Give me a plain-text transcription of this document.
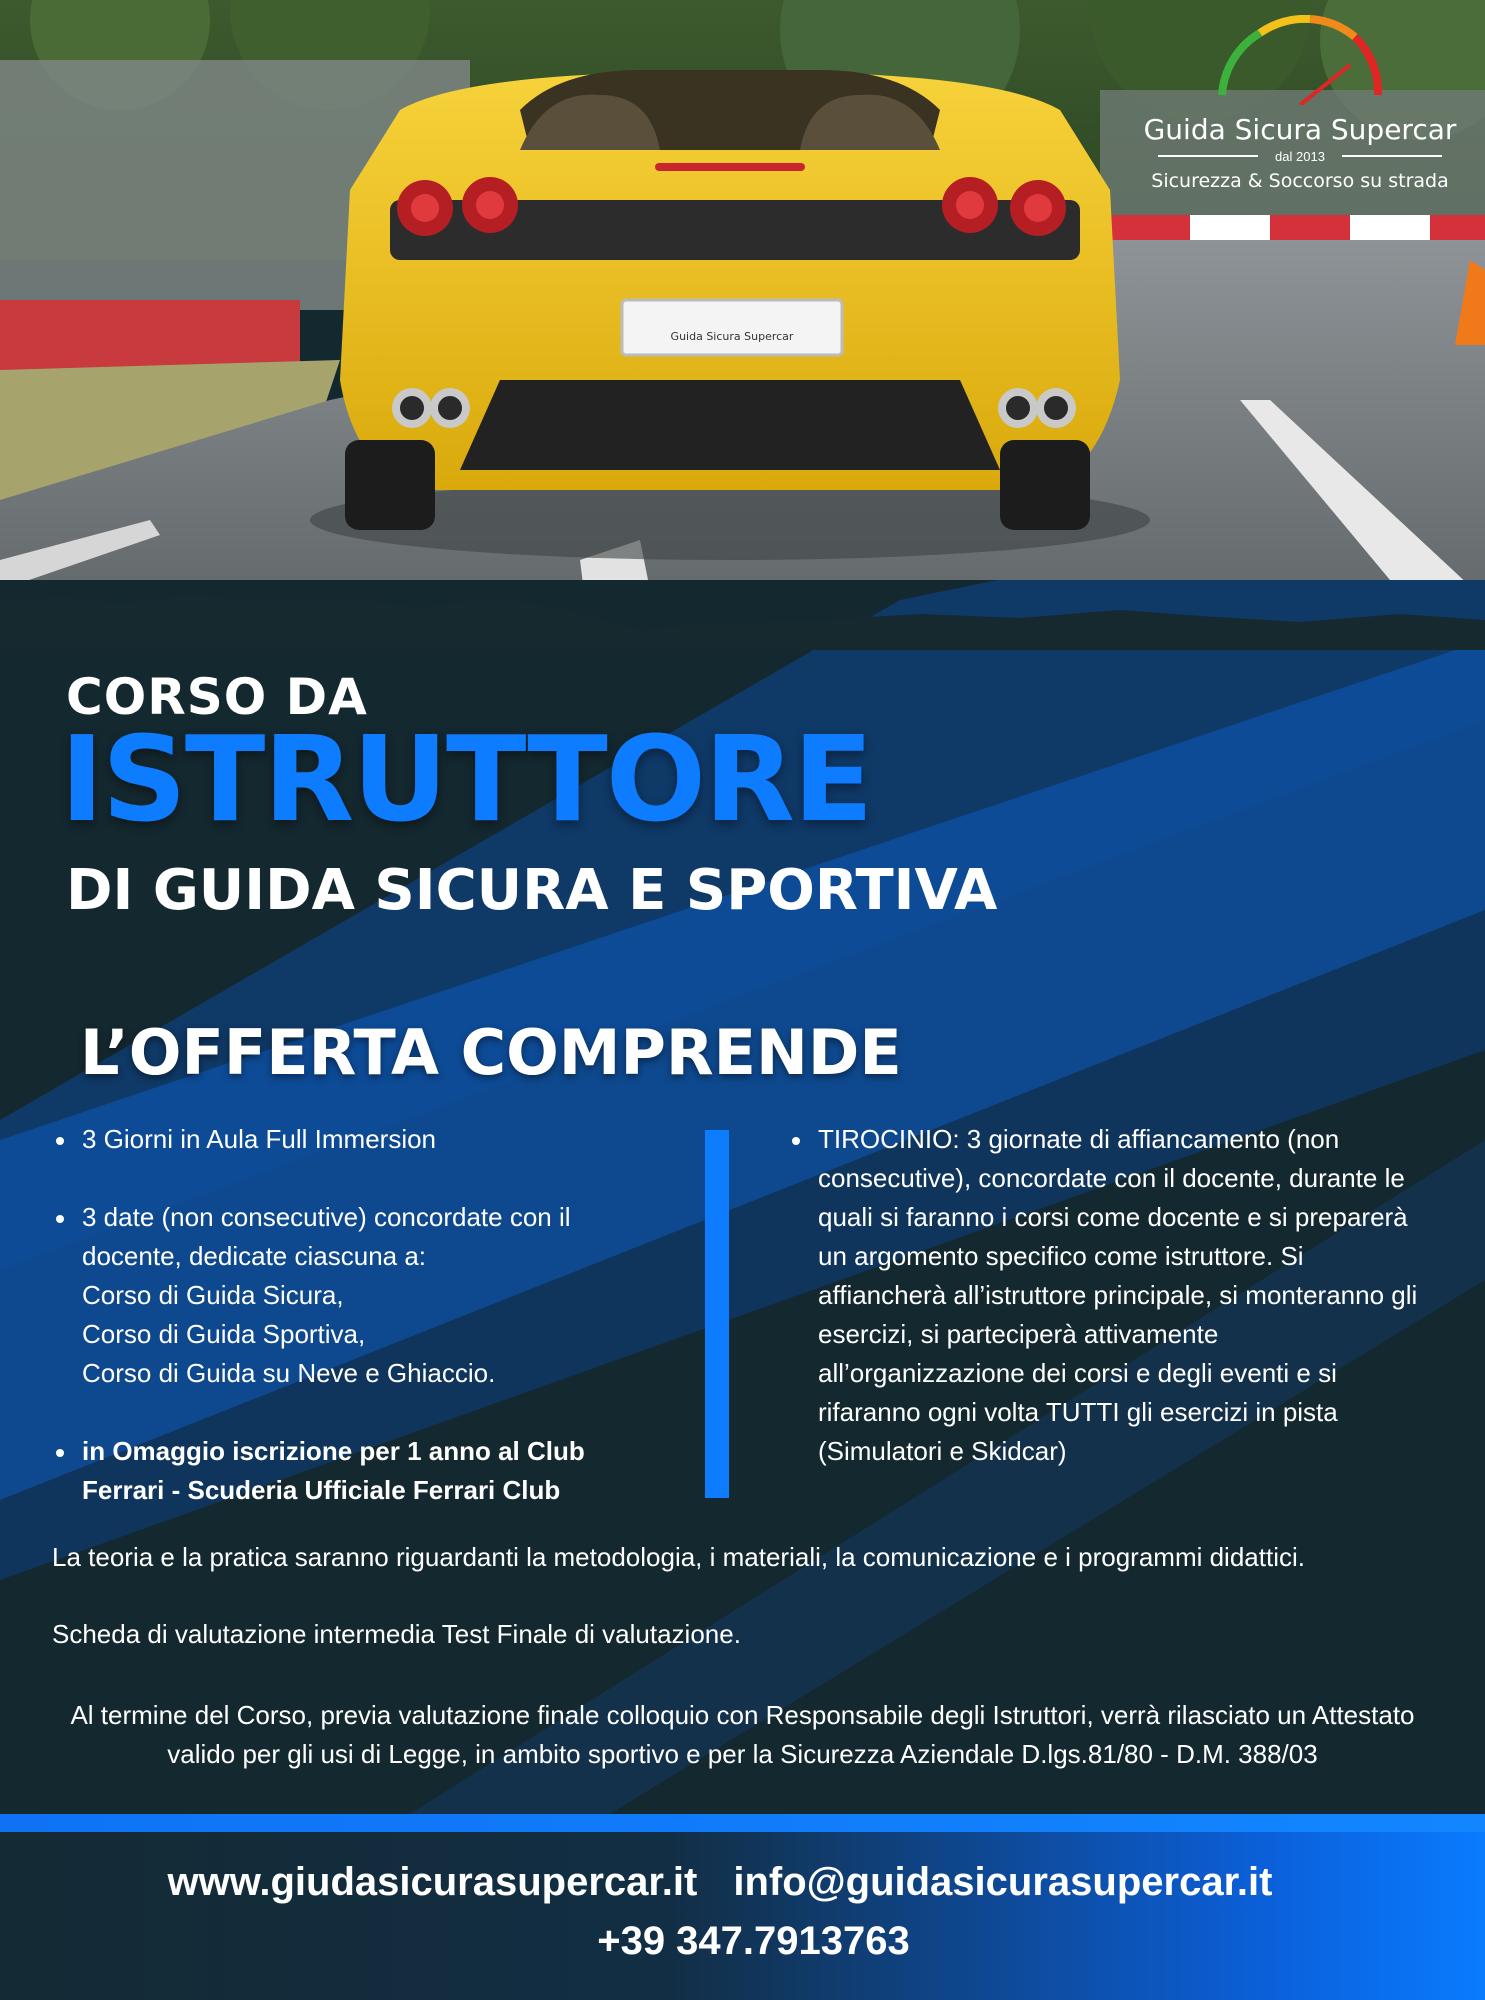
Guida Sicura Supercar
Guida Sicura Supercar
dal 2013
Sicurezza & Soccorso su strada
CORSO DA
ISTRUTTORE
DI GUIDA SICURA E SPORTIVA
L’OFFERTA COMPRENDE
3 Giorni in Aula Full Immersion
3 date (non consecutive) concordate con il docente, dedicate ciascuna a:
Corso di Guida Sicura,
Corso di Guida Sportiva,
Corso di Guida su Neve e Ghiaccio.
in Omaggio iscrizione per 1 anno al Club Ferrari - Scuderia Ufficiale Ferrari Club
TIROCINIO: 3 giornate di affiancamento (non consecutive), concordate con il docente, durante le quali si faranno i corsi come docente e si preparerà un argomento specifico come istruttore. Si affiancherà all’istruttore principale, si monteranno gli esercizi, si parteciperà attivamente all’organizzazione dei corsi e degli eventi e si rifaranno ogni volta TUTTI gli esercizi in pista (Simulatori e Skidcar)

La teoria e la pratica saranno riguardanti la metodologia, i materiali, la comunicazione e i programmi didattici.

Scheda di valutazione intermedia Test Finale di valutazione.

Al termine del Corso, previa valutazione finale colloquio con Responsabile degli Istruttori, verrà rilasciato un Attestato valido per gli usi di Legge, in ambito sportivo e per la Sicurezza Aziendale D.lgs.81/80 - D.M. 388/03

www.giudasicurasupercar.it info@guidasicurasupercar.it
+39 347.7913763
